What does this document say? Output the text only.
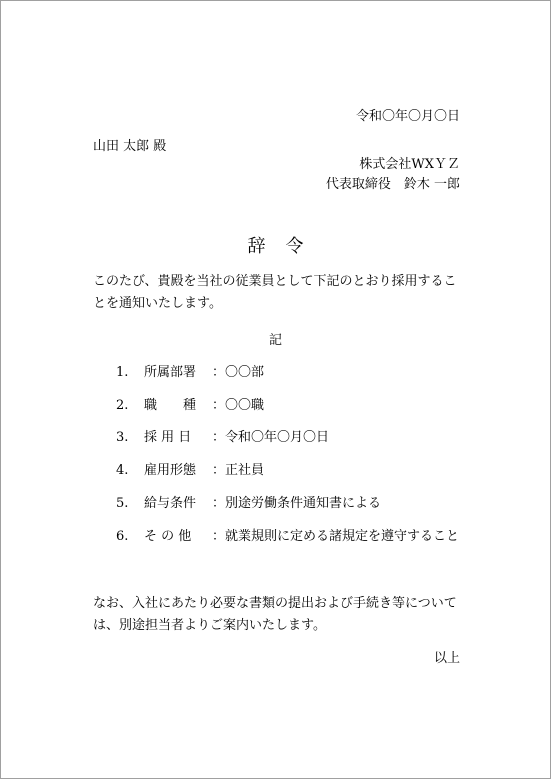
令和〇年〇月〇日
山田 太郎 殿
株式会社WXＹＺ
代表取締役　鈴木 一郎
辞令
このたび、貴殿を当社の従業員として下記のとおり採用することを通知いたします。
記
1. 所属部署 ：〇〇部
2. 職　　種 ：〇〇職
3. 採 用 日 ：令和〇年〇月〇日
4. 雇用形態 ：正社員
5. 給与条件 ：別途労働条件通知書による
6. そ の 他 ：就業規則に定める諸規定を遵守すること
なお、入社にあたり必要な書類の提出および手続き等については、別途担当者よりご案内いたします。
以上
